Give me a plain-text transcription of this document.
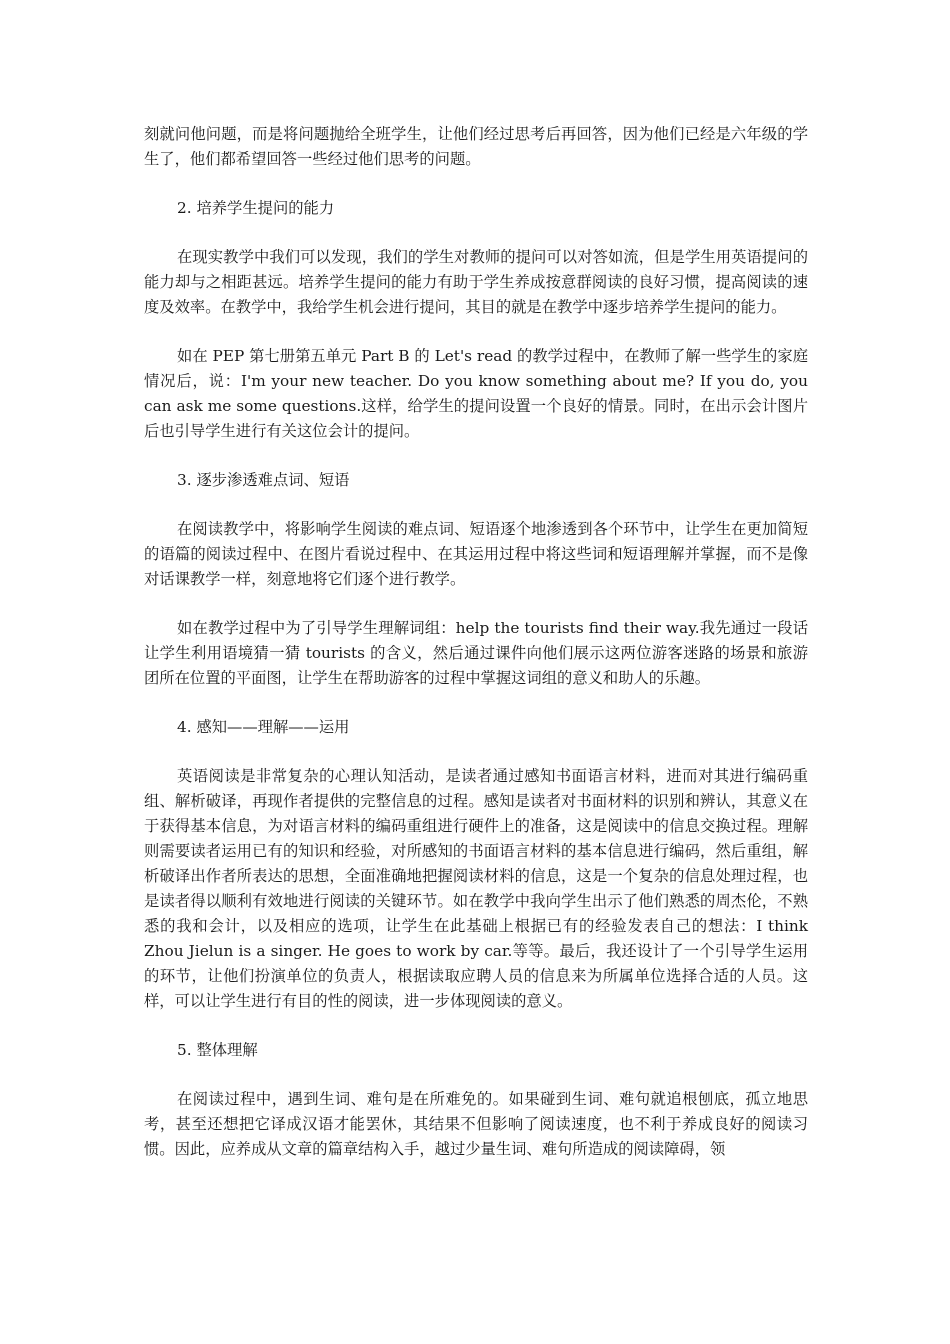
刻就问他问题，而是将问题抛给全班学生，让他们经过思考后再回答，因为他们已经是六年级的学生了，他们都希望回答一些经过他们思考的问题。

2. 培养学生提问的能力

在现实教学中我们可以发现，我们的学生对教师的提问可以对答如流，但是学生用英语提问的能力却与之相距甚远。培养学生提问的能力有助于学生养成按意群阅读的良好习惯，提高阅读的速度及效率。在教学中，我给学生机会进行提问，其目的就是在教学中逐步培养学生提问的能力。

如在 PEP 第七册第五单元 Part B 的 Let's read 的教学过程中，在教师了解一些学生的家庭情况后，说：I'm your new teacher. Do you know something about me? If you do, you can ask me some questions.这样，给学生的提问设置一个良好的情景。同时，在出示会计图片后也引导学生进行有关这位会计的提问。

3. 逐步渗透难点词、短语

在阅读教学中，将影响学生阅读的难点词、短语逐个地渗透到各个环节中，让学生在更加简短的语篇的阅读过程中、在图片看说过程中、在其运用过程中将这些词和短语理解并掌握，而不是像对话课教学一样，刻意地将它们逐个进行教学。

如在教学过程中为了引导学生理解词组：help the tourists find their way.我先通过一段话让学生利用语境猜一猜 tourists 的含义，然后通过课件向他们展示这两位游客迷路的场景和旅游团所在位置的平面图，让学生在帮助游客的过程中掌握这词组的意义和助人的乐趣。

4. 感知——理解——运用

英语阅读是非常复杂的心理认知活动，是读者通过感知书面语言材料，进而对其进行编码重组、解析破译，再现作者提供的完整信息的过程。感知是读者对书面材料的识别和辨认，其意义在于获得基本信息，为对语言材料的编码重组进行硬件上的准备，这是阅读中的信息交换过程。理解则需要读者运用已有的知识和经验，对所感知的书面语言材料的基本信息进行编码，然后重组，解析破译出作者所表达的思想，全面准确地把握阅读材料的信息，这是一个复杂的信息处理过程，也是读者得以顺利有效地进行阅读的关键环节。如在教学中我向学生出示了他们熟悉的周杰伦，不熟悉的我和会计，以及相应的选项，让学生在此基础上根据已有的经验发表自己的想法：I think Zhou Jielun is a singer. He goes to work by car.等等。最后，我还设计了一个引导学生运用的环节，让他们扮演单位的负责人，根据读取应聘人员的信息来为所属单位选择合适的人员。这样，可以让学生进行有目的性的阅读，进一步体现阅读的意义。

5. 整体理解

在阅读过程中，遇到生词、难句是在所难免的。如果碰到生词、难句就追根刨底，孤立地思考，甚至还想把它译成汉语才能罢休，其结果不但影响了阅读速度，也不利于养成良好的阅读习惯。因此，应养成从文章的篇章结构入手，越过少量生词、难句所造成的阅读障碍，领
